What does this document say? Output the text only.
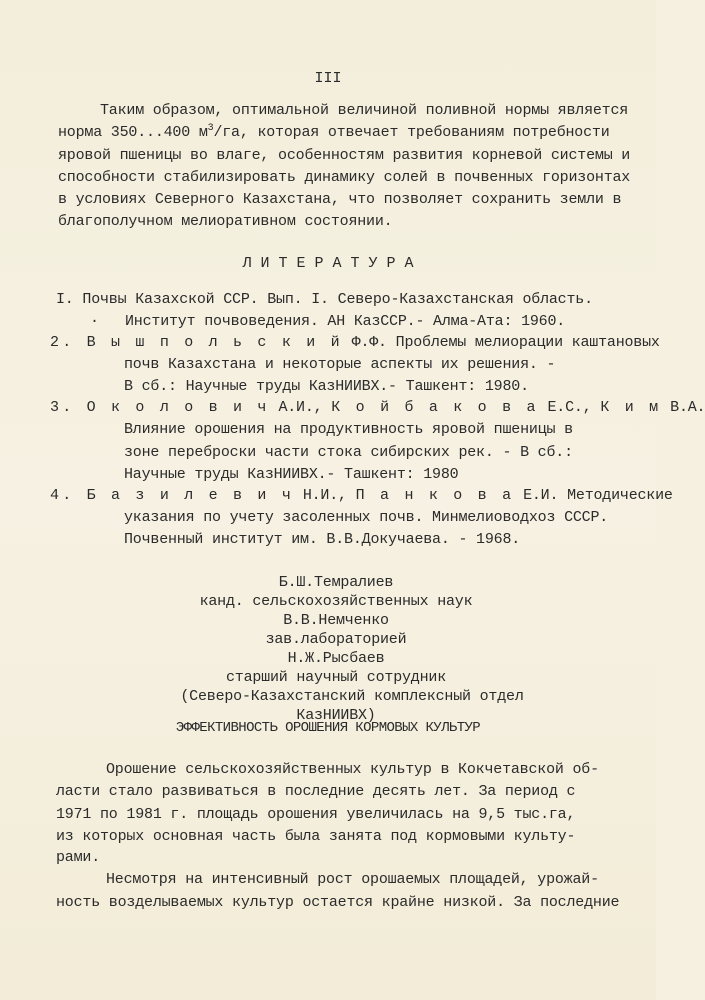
III
Таким образом, оптимальной величиной поливной нормы является
норма 350...400 $м^3/га$, которая отвечает требованиям потребности
яровой пшеницы во влаге, особенностям развития корневой системы и
способности стабилизировать динамику солей в почвенных горизонтах
в условиях Северного Казахстана, что позволяет сохранить земли в
благополучном мелиоративном состоянии.
Л И Т Е Р А Т У Р А
I. Почвы Казахской ССР. Вып. I. Северо-Казахстанская область.
·	Институт почвоведения. АН КазССР.- Алма-Ата: 1960.
2. В ы ш п о л ь с к и й Ф.Ф. Проблемы мелиорации каштановых
почв Казахстана и некоторые аспекты их решения. -
В сб.: Научные труды КазНИИВХ.- Ташкент: 1980.
3. О к о л о в и ч А.И., К о й б а к о в а Е.С., К и м В.А.
Влияние орошения на продуктивность яровой пшеницы в
зоне переброски части стока сибирских рек. - В сб.:
Научные труды КазНИИВХ.- Ташкент: 1980
4. Б а з и л е в и ч Н.И., П а н к о в а Е.И. Методические
указания по учету засоленных почв. Минмелиоводхоз СССР.
Почвенный институт им. В.В.Докучаева. - 1968.
Б.Ш.Темралиев
канд. сельскохозяйственных наук
В.В.Немченко
зав.лабораторией
Н.Ж.Рысбаев
старший научный сотрудник
(Северо-Казахстанский комплексный отдел
КазНИИВХ)
ЭФФЕКТИВНОСТЬ ОРОШЕНИЯ КОРМОВЫХ КУЛЬТУР
Орошение сельскохозяйственных культур в Кокчетавской об-
ласти стало развиваться в последние десять лет. За период с
1971 по 1981 г. площадь орошения увеличилась на 9,5 тыс.га,
из которых основная часть была занята под кормовыми культу-
рами.
Несмотря на интенсивный рост орошаемых площадей, урожай-
ность возделываемых культур остается крайне низкой. За последние
